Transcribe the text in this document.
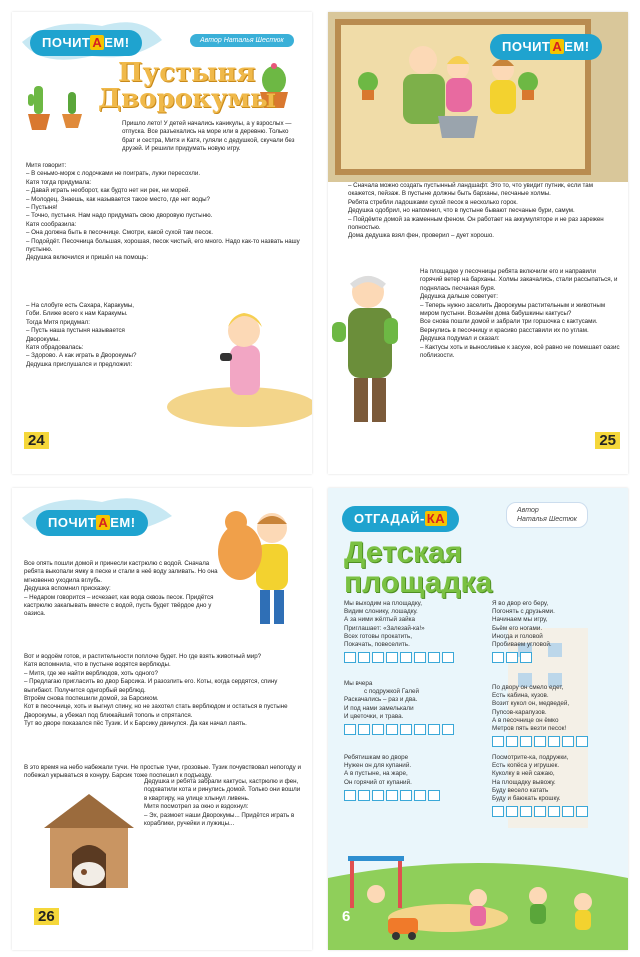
ПОЧИТ А ЕМ!	Автор Наталья Шестюк
Пустыня
Дворокумы

Пришло лето! У детей начались каникулы, а у взрослых — отпуска. Все разъехались на море или в деревню. Только брат и сестра, Митя и Катя, гуляли с дедушкой, скучали без друзей. И решили придумать новую игру.

Митя говорит:

– В сеньмо-морж с лодочками не поиграть, лужи пересохли.

Катя тогда придумала:

– Давай играть необорот, как будто нет ни рек, ни морей.

– Молодец. Знаешь, как называется такое место, где нет воды?

– Пустыня!

– Точно, пустыня. Нам надо придумать свою дворовую пустыню.

Катя сообразила:

– Она должна быть в песочнице. Смотри, какой сухой там песок.

– Подойдёт. Песочница большая, хорошая, песок чистый, его много. Надо как-то назвать нашу пустыню.

Дедушка включился и пришёл на помощь:

– На слобуге есть Сахара, Каракумы, Гоби. Ближе всего к нам Каракумы.

Тогда Митя придумал:

– Пусть наша пустыня называется Дворокумы.

Катя обрадовалась:

– Здорово. А как играть в Дворокумы?

Дедушка прислушался и предложил:

24
ПОЧИТ А ЕМ!

– Сначала можно создать пустынный ландшафт. Это то, что увидит путник, если там окажется, пейзаж. В пустыне должны быть барханы, песчаные холмы.

Ребята стребли ладошками сухой песок в несколько горок.

Дедушка одобрил, но напомнил, что в пустыне бывают песчаные бури, самум.

– Пойдёмте домой за жаменным феном. Он работает на аккумуляторе и не раз зарежен полностью.

Дома дедушка взял фен, проверил – дует хорошо.

На площадке у песочницы ребята включили его и направили горячий ветер на барханы. Холмы закачались, стали рассыпаться, и поднялась песчаная буря.

Дедушка дальше советует:

– Теперь нужно заселить Дворокумы растительным и животным миром пустыни. Возьмём дома бабушкины кактусы?

Все снова пошли домой и забрали три горшочка с кактусами. Вернулись в песочницу и красиво расставили их по углам.

Дедушка подумал и сказал:

– Кактусы хоть и выносливые к засухе, всё равно не помешает оазис поблизости.

25
ПОЧИТ А ЕМ!

Все опять пошли домой и принесли кастрюлю с водой. Сначала ребята выкопали ямку в песке и стали в неё воду заливать. Но она мгновенно уходила вглубь.

Дедушка вспомнил присказку:

– Недаром говорится – исчезает, как вода сквозь песок. Придётся кастрюлю закапывать вместе с водой, пусть будет твёрдое дно у оазиса.

Вот и водоём готов, и растительности поплоче будет. Но где взять животный мир?

Катя вспомнила, что в пустыне водятся верблюды.

– Митя, где же найти верблюдов, хоть одного?

– Предлагаю пригласить во двор Барсика. И разозлить его. Коты, когда сердятся, спину выгибают. Получится однгорбый верблюд.

Втроём снова поспешили домой, за Барсиком.

Кот в песочнице, хоть и выгнул спину, но не захотел стать верблюдом и остаться в пустыне Дворокумы, а убежал под ближайший тополь и спрятался.

Тут во дворе показался пёс Тузик. И к Барсику двинулся. Да как начал лаять.

В это время на небо набежали тучи. Не простые тучи, грозовые. Тузик почувствовал непогоду и побежал укрываться в конуру. Барсик тоже поспешил к подъезду.

Дедушка и ребята забрали кактусы, кастрюлю и фен, подхватили кота и ринулись домой. Только они вошли в квартиру, на улице хлынул ливень.

Митя посмотрел за окно и вздохнул:

– Эх, размоет наши Дворокумы... Придётся играть в кораблики, ручейки и лужицы...

26
ОТГАДАЙ- КА
Автор
Наталья Шестюк
Детская
площадка

Мы выходим на площадку,

Видим слонику, лошадку.

А за ними жёлтый зайка

Приглашает: «Залезай-ка!»

Всех готовы прокатить,

Покачать, повеселить.

Мы вчера

с подружкой Галей

Раскачались – раз и два.

И под нами замелькали

И цветочки, и трава.

Ребятишкам во дворе

Нужен он для купаний.

А в пустыне, на жаре,

Он горячий от купаний.

Я во двор его беру,

Погонять с друзьями.

Начинаем мы игру,

Бьём его ногами.

Иногда и головой

Пробиваем угловой.

По двору он смело едет,

Есть кабина, кузов.

Возит кукол он, медведей,

Пупсов-карапузов.

А в песочнице он ёмко

Метров пять везти песок!

Посмотрите-ка, подружки,

Есть копёса у игрушек.

Куколку в ней сажаю,

На площадку вывожу.

Буду весело катать

Буду и баюкать крошку.

6
